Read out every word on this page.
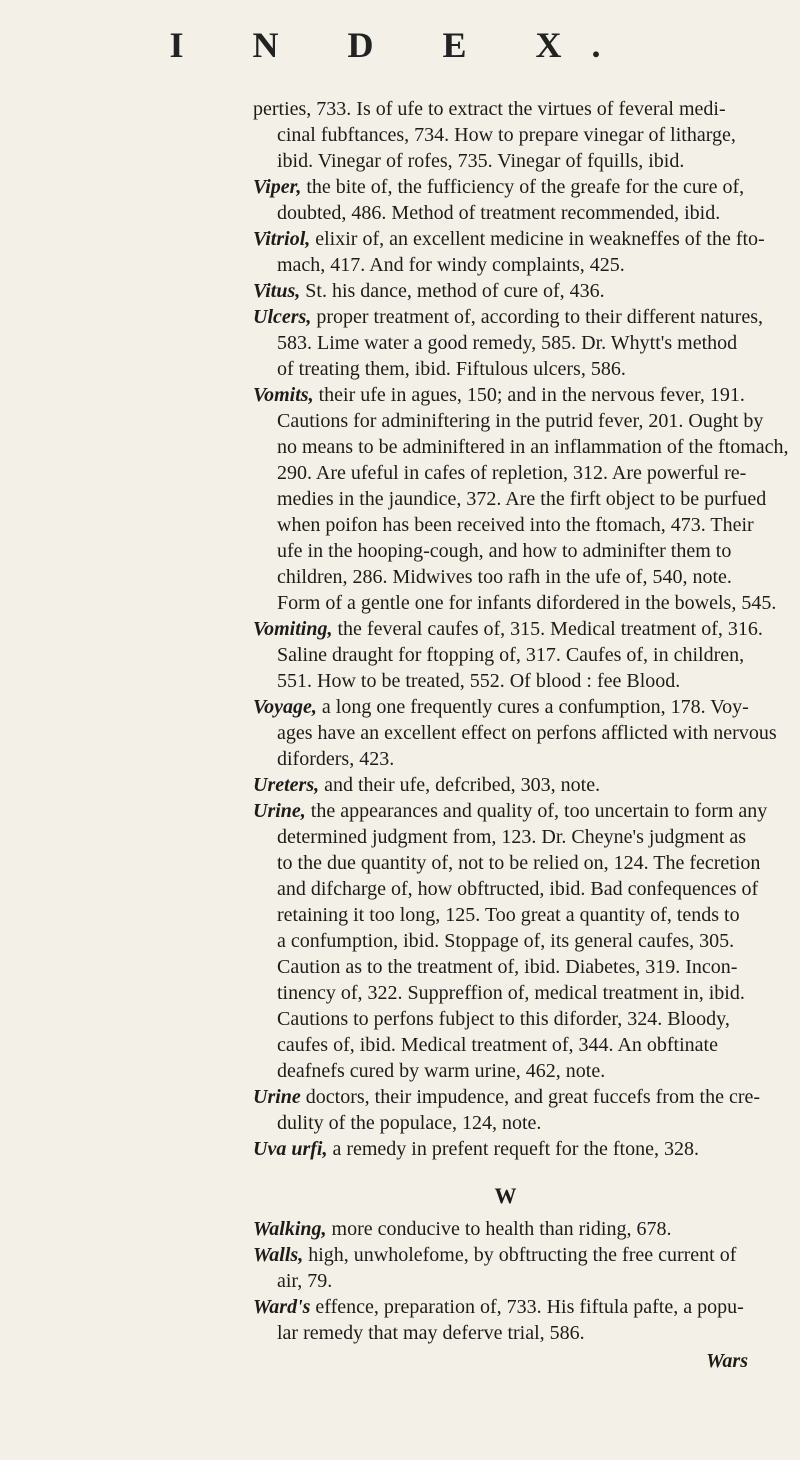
I N D E X.
perties, 733. Is of ufe to extract the virtues of feveral medi-
cinal fubftances, 734. How to prepare vinegar of litharge,
ibid. Vinegar of rofes, 735. Vinegar of fquills, ibid.
Viper, the bite of, the fufficiency of the greafe for the cure of,
doubted, 486. Method of treatment recommended, ibid.
Vitriol, elixir of, an excellent medicine in weakneffes of the fto-
mach, 417. And for windy complaints, 425.
Vitus, St. his dance, method of cure of, 436.
Ulcers, proper treatment of, according to their different natures,
583. Lime water a good remedy, 585. Dr. Whytt's method
of treating them, ibid. Fiftulous ulcers, 586.
Vomits, their ufe in agues, 150; and in the nervous fever, 191.
Cautions for adminiftering in the putrid fever, 201. Ought by
no means to be adminiftered in an inflammation of the ftomach,
290. Are ufeful in cafes of repletion, 312. Are powerful re-
medies in the jaundice, 372. Are the firft object to be purfued
when poifon has been received into the ftomach, 473. Their
ufe in the hooping-cough, and how to adminifter them to
children, 286. Midwives too rafh in the ufe of, 540, note.
Form of a gentle one for infants difordered in the bowels, 545.
Vomiting, the feveral caufes of, 315. Medical treatment of, 316.
Saline draught for ftopping of, 317. Caufes of, in children,
551. How to be treated, 552. Of blood : fee Blood.
Voyage, a long one frequently cures a confumption, 178. Voy-
ages have an excellent effect on perfons afflicted with nervous
diforders, 423.
Ureters, and their ufe, defcribed, 303, note.
Urine, the appearances and quality of, too uncertain to form any
determined judgment from, 123. Dr. Cheyne's judgment as
to the due quantity of, not to be relied on, 124. The fecretion
and difcharge of, how obftructed, ibid. Bad confequences of
retaining it too long, 125. Too great a quantity of, tends to
a confumption, ibid. Stoppage of, its general caufes, 305.
Caution as to the treatment of, ibid. Diabetes, 319. Incon-
tinency of, 322. Suppreffion of, medical treatment in, ibid.
Cautions to perfons fubject to this diforder, 324. Bloody,
caufes of, ibid. Medical treatment of, 344. An obftinate
deafnefs cured by warm urine, 462, note.
Urine doctors, their impudence, and great fuccefs from the cre-
dulity of the populace, 124, note.
Uva urfi, a remedy in prefent requeft for the ftone, 328.
W
Walking, more conducive to health than riding, 678.
Walls, high, unwholefome, by obftructing the free current of
air, 79.
Ward's effence, preparation of, 733. His fiftula pafte, a popu-
lar remedy that may deferve trial, 586.
Wars
